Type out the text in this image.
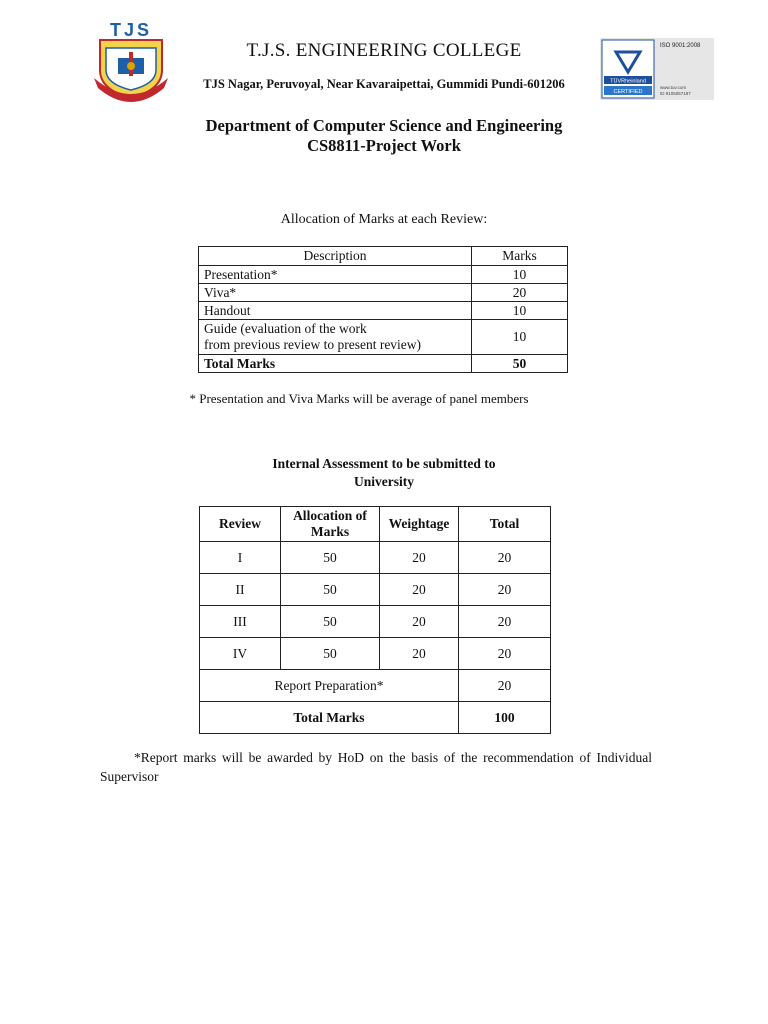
TJS
T.J.S. ENGINEERING COLLEGE
TJS Nagar, Peruvoyal, Near Kavaraipettai, Gummidi Pundi-601206	TÜVRheinland
CERTIFIED
ISO 9001:2008
www.tuv.com
ID 9105057187
Department of Computer Science and Engineering
CS8811-Project Work
Allocation of Marks at each Review:
Description	Marks
Presentation*	10
Viva*	20
Handout	10

Guide (evaluation of the work
from previous review to present review)	10
Total Marks	50
* Presentation and Viva Marks will be average of panel members
Internal Assessment to be submitted to
University
Review	Allocation of
Marks	Weightage	Total
I	50	20	20
II	50	20	20
III	50	20	20
IV	50	20	20
Report Preparation*			20
Total Marks			100
*Report marks will be awarded by HoD on the basis of the recommendation of Individual Supervisor
